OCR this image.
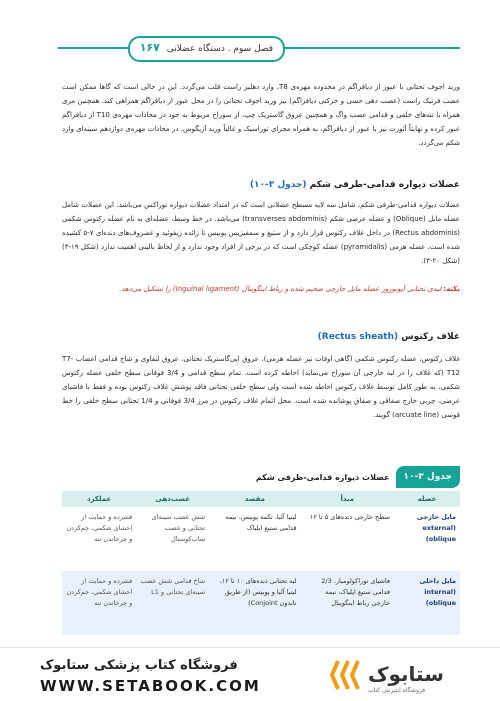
فصل سوم . دستگاه عضلانی ۱۶۷
ورید اجوف تحتانی با عبور از دیافراگم در محدوده مهره‌ی T8، وارد دهلیز راست قلب می‌گردد. این در حالی است که گاها ممکن است عصب فرنیک راست (عصب دهی حسی و حرکتی دیافراگم) نیز ورید اجوف تحتانی را در محل عبور از دیافراگم همراهی کند. همچنین مری همراه با تنه‌های خلفی و قدامی عصب واگ و همچنین عروق گاستریک چپ، از سوراخ مربوط به خود در محاذات مهره‌ی T10 از دیافراگم عبور کرده و نهایتاً آئورت نیز با عبور از دیافراگم، به همراه مجرای توراسیک و غالباً ورید آزیگوس، در محاذات مهره‌ی دوازدهم سینه‌ای وارد شکم می‌گردد.
عضلات دیواره قدامی-طرفی شکم (جدول ۳-۱۰)
عضلات دیواره قدامی-طرفی شکم، شامل سه لایه مسطح عضلانی است که در امتداد عضلات دیواره توراکس می‌باشد. این عضلات شامل عضله مایل (Oblique) و عضله عرضی شکم (transverses abdominis) می‌باشد. در خط وسط، عضله‌ای به نام عضله رکتوس شکمی (Rectus abdominis) در داخل غلاف رکتوس قرار دارد و از ستیغ و سمفیزیس پوبیس تا زائده زیفوئید و غضروف‌های دنده‌ای ۷-۵ کشیده شده است. عضله هرمی (pyramidalis) عضله کوچکی است که در برخی از افراد وجود ندارد و از لحاظ بالینی اهمیت ندارد (شکل ۱۹-۳) (شکل ۲۰-۳).
نکته: لبه‌ی تحتانی آپونوروز عضله مایل خارجی ضخیم شده و رباط اینگوینال (Inguinal ligament) را تشکیل می‌دهد.
غلاف رکتوس (Rectus sheath)
غلاف رکتوس، عضله رکتوس شکمی (گاهی اوقات نیز عضله هرمی)، عروق اپی‌گاستریک تحتانی، عروق لنفاوی و شاخ قدامی اعصاب T7-T12 (که غلاف را در لبه خارجی آن سوراخ می‌نماید) احاطه کرده است. تمام سطح قدامی و 3/4 فوقانی سطح خلفی عضله رکتوس شکمی، به طور کامل توسط غلاف رکتوس احاطه شده است ولی سطح خلفی تحتانی فاقد پوشش غلاف رکتوس بوده و فقط با فاشیای عرضی، چربی خارج صفاقی و صفاق پوشانده شده است. محل اتمام غلاف رکتوس در مرز 3/4 فوقانی و 1/4 تحتانی سطح خلفی را خط قوسی (arcuate line) گویند.
جدول ۳-۱۰
عضلات دیواره قدامی-طرفی شکم
عضله	مبدأ	مقصد	عصب‌دهی	عملکرد
مایل خارجی (external oblique)	سطح خارجی دنده‌های ۵ تا ۱۲	لینیا آلبا، تکمه پوبیس، نیمه قدامی ستیغ ایلیاک	شش عصب سینه‌ای تحتانی و عصب ساب‌کوستال	فشرده و حمایت از احشای شکمی، خم‌کردن و چرخاندن تنه
مایل داخلی (internal oblique)	فاشیای توراکولومبار، 2/3 قدامی ستیغ ایلیاک، نیمه خارجی رباط اینگوینال	لبه تحتانی دنده‌های ۱۰ تا ۱۲، لینیا آلبا و پوبیس (از طریق تاندون Conjoint)	شاخ قدامی شش عصب سینه‌ای تحتانی و L1	فشرده و حمایت از احشای شکمی، خم‌کردن و چرخاندن تنه
فروشگاه کتاب پزشکی ستابوک
WWW.SETABOOK.COM	ستابوک
فروشگاه اینترنتی کتاب
